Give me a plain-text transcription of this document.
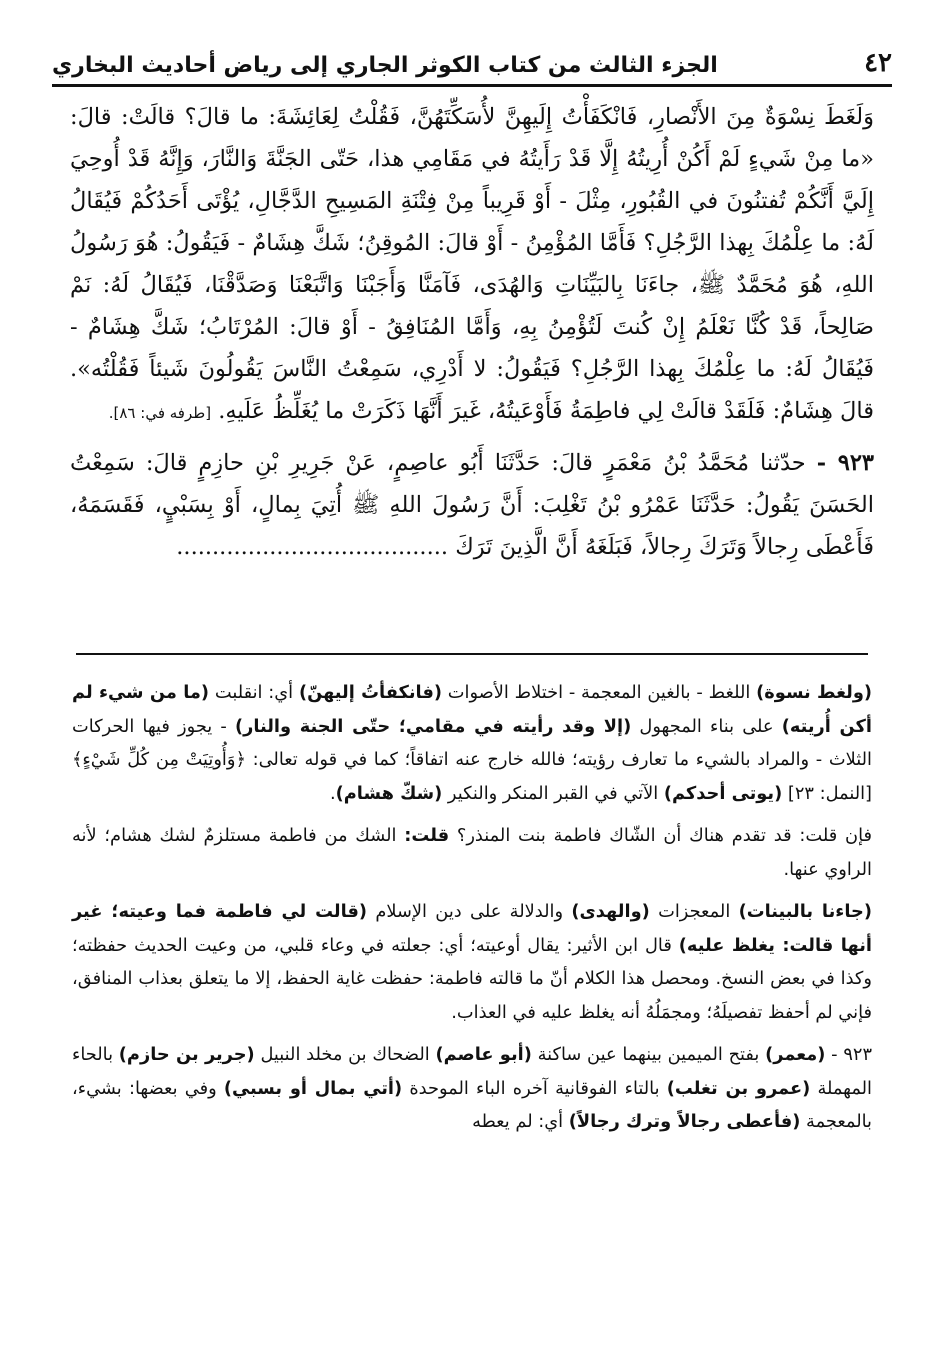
٤٢
الجزء الثالث من كتاب الكوثر الجاري إلى رياض أحاديث البخاري

وَلَغَطَ نِسْوَةٌ مِنَ الأَنْصارِ، فَانْكَفَأْتُ إِلَيهِنَّ لأُسَكِّتَهُنَّ، فَقُلْتُ لِعَائِشَةَ: ما قالَ؟ قالَتْ: قالَ: «ما مِنْ شَيءٍ لَمْ أَكُنْ أُرِيتُهُ إِلَّا قَدْ رَأَيتُهُ في مَقَامِي هذا، حَتّى الجَنَّةَ وَالنَّارَ، وَإِنَّهُ قَدْ أُوحِيَ إِلَيَّ أَنَّكُمْ تُفتنُونَ في القُبُورِ، مِثْلَ - أَوْ قَرِيباً مِنْ فِتْنَةِ المَسِيحِ الدَّجَّالِ، يُؤْتَى أَحَدُكُمْ فَيُقَالُ لَهُ: ما عِلْمُكَ بِهذا الرَّجُلِ؟ فَأَمَّا المُؤْمِنُ - أَوْ قالَ: المُوقِنُ؛ شَكَّ هِشَامٌ - فَيَقُولُ: هُوَ رَسُولُ اللهِ، هُوَ مُحَمَّدٌ ﷺ، جاءَنَا بِالبَيِّنَاتِ وَالهُدَى، فَآمَنَّا وَأَجَبْنَا وَاتَّبَعْنَا وَصَدَّقْنَا، فَيُقَالُ لَهُ: نَمْ صَالِحاً، قَدْ كُنَّا نَعْلَمُ إِنْ كُنتَ لَتُؤْمِنُ بِهِ، وَأَمَّا المُنَافِقُ - أَوْ قالَ: المُرْتَابُ؛ شَكَّ هِشَامٌ - فَيُقَالُ لَهُ: ما عِلْمُكَ بِهذا الرَّجُلِ؟ فَيَقُولُ: لا أَدْرِي، سَمِعْتُ النَّاسَ يَقُولُونَ شَيئاً فَقُلْتُه». قالَ هِشَامٌ: فَلَقَدْ قالَتْ لِي فاطِمَةُ فَأَوْعَيتُهُ، غَيرَ أَنَّهَا ذَكَرَتْ ما يُغَلِّظُ عَلَيهِ. [طرفه في: ٨٦].

٩٢٣ - حدّثنا مُحَمَّدُ بْنُ مَعْمَرٍ قالَ: حَدَّثَنَا أَبُو عاصِمٍ، عَنْ جَرِيرِ بْنِ حازِمٍ قالَ: سَمِعْتُ الحَسَنَ يَقُولُ: حَدَّثَنَا عَمْرُو بْنُ تَغْلِبَ: أَنَّ رَسُولَ اللهِ ﷺ أُتِيَ بِمالٍ، أَوْ بِسَبْيٍ، فَقَسَمَهُ، فَأَعْطَى رِجالاً وَتَرَكَ رِجالاً، فَبَلَغَهُ أَنَّ الَّذِينَ تَرَكَ ......................................

(ولغط نسوة) اللغط - بالغين المعجمة - اختلاط الأصوات (فانكفأتُ إليهنّ) أي: انقلبت (ما من شيء لم أكن أُريته) على بناء المجهول (إلا وقد رأيته في مقامي؛ حتّى الجنة والنار) - يجوز فيها الحركات الثلاث - والمراد بالشيء ما تعارف رؤيته؛ فالله خارج عنه اتفاقاً؛ كما في قوله تعالى: ﴿وَأُوتِيَتْ مِن كُلِّ شَيْءٍ﴾ [النمل: ٢٣] (يوتى أحدكم) الآتي في القبر المنكر والنكير (شكّ هشام).

فإن قلت: قد تقدم هناك أن الشّاك فاطمة بنت المنذر؟ قلت: الشك من فاطمة مستلزمٌ لشك هشام؛ لأنه الراوي عنها.

(جاءنا بالبينات) المعجزات (والهدى) والدلالة على دين الإسلام (قالت لي فاطمة فما وعيته؛ غير أنها قالت: يغلظ عليه) قال ابن الأثير: يقال أوعيته؛ أي: جعلته في وعاء قلبي، من وعيت الحديث حفظته؛ وكذا في بعض النسخ. ومحصل هذا الكلام أنّ ما قالته فاطمة: حفظت غاية الحفظ، إلا ما يتعلق بعذاب المنافق، فإني لم أحفظ تفصيلَهُ؛ ومجمَلُهُ أنه يغلظ عليه في العذاب.

٩٢٣ - (معمر) بفتح الميمين بينهما عين ساكنة (أبو عاصم) الضحاك بن مخلد النبيل (جرير بن حازم) بالحاء المهملة (عمرو بن تغلب) بالتاء الفوقانية آخره الباء الموحدة (أتي بمال أو بسبي) وفي بعضها: بشيء، بالمعجمة (فأعطى رجالاً وترك رجالاً) أي: لم يعطه
